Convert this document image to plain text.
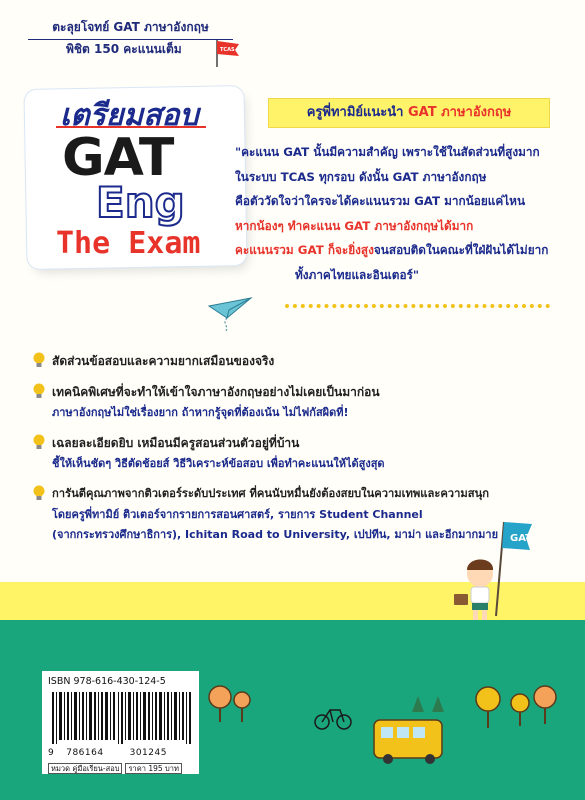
ตะลุยโจทย์ GAT ภาษาอังกฤษ
พิชิต 150 คะแนนเต็ม	TCAS
เตรียมสอบ
GAT
Eng
The Exam
ครูพี่ทามิย์แนะนำ GAT ภาษาอังกฤษ
"คะแนน GAT นั้นมีความสำคัญ เพราะใช้ในสัดส่วนที่สูงมาก
ในระบบ TCAS ทุกรอบ ดังนั้น GAT ภาษาอังกฤษ
คือตัววัดใจว่าใครจะได้คะแนนรวม GAT มากน้อยแค่ไหน
หากน้องๆ ทำคะแนน GAT ภาษาอังกฤษได้มาก
คะแนนรวม GAT ก็จะยิ่งสูงจนสอบติดในคณะที่ใฝ่ฝันได้ไม่ยาก
ทั้งภาคไทยและอินเตอร์"
สัดส่วนข้อสอบและความยากเสมือนของจริง
เทคนิคพิเศษที่จะทำให้เข้าใจภาษาอังกฤษอย่างไม่เคยเป็นมาก่อน
ภาษาอังกฤษไม่ใช่เรื่องยาก ถ้าหากรู้จุดที่ต้องเน้น ไม่ไฟกัสผิดที่!
เฉลยละเอียดยิบ เหมือนมีครูสอนส่วนตัวอยู่ที่บ้าน
ชี้ให้เห็นชัดๆ วิธีตัดช้อยส์ วิธีวิเคราะห์ข้อสอบ เพื่อทำคะแนนให้ได้สูงสุด
การันตีคุณภาพจากติวเตอร์ระดับประเทศ ที่คนนับหมื่นยังต้องสยบในความเทพและความสนุก
โดยครูพี่ทามิย์ ติวเตอร์จากรายการสอนศาสตร์, รายการ Student Channel
(จากกระทรวงศึกษาธิการ), Ichitan Road to University, เปปทีน, มาม่า และอีกมากมาย	GAT
ISBN 978-616-430-124-5
9 786164	301245
หมวด คู่มือเรียน-สอบ ราคา 195 บาท
